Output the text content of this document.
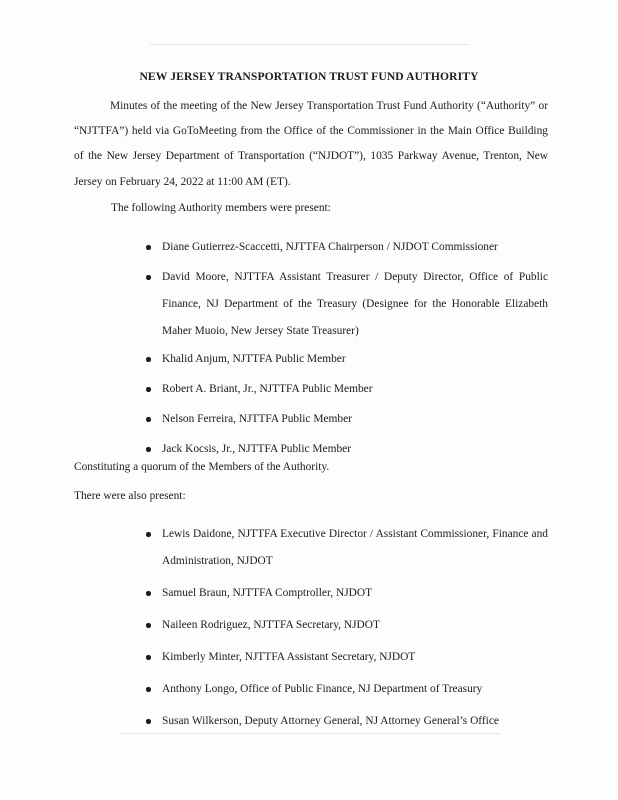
NEW JERSEY TRANSPORTATION TRUST FUND AUTHORITY

Minutes of the meeting of the New Jersey Transportation Trust Fund Authority (“Authority” or “NJTTFA”) held via GoToMeeting from the Office of the Commissioner in the Main Office Building of the New Jersey Department of Transportation (“NJDOT”), 1035 Parkway Avenue, Trenton, New Jersey on February 24, 2022 at 11:00 AM (ET).

The following Authority members were present:

Diane Gutierrez-Scaccetti, NJTTFA Chairperson / NJDOT Commissioner
David Moore, NJTTFA Assistant Treasurer / Deputy Director, Office of Public Finance, NJ Department of the Treasury (Designee for the Honorable Elizabeth Maher Muoio, New Jersey State Treasurer)
Khalid Anjum, NJTTFA Public Member
Robert A. Briant, Jr., NJTTFA Public Member
Nelson Ferreira, NJTTFA Public Member
Jack Kocsis, Jr., NJTTFA Public Member

Constituting a quorum of the Members of the Authority.

There were also present:

Lewis Daidone, NJTTFA Executive Director / Assistant Commissioner, Finance and Administration, NJDOT
Samuel Braun, NJTTFA Comptroller, NJDOT
Naileen Rodriguez, NJTTFA Secretary, NJDOT
Kimberly Minter, NJTTFA Assistant Secretary, NJDOT
Anthony Longo, Office of Public Finance, NJ Department of Treasury
Susan Wilkerson, Deputy Attorney General, NJ Attorney General’s Office
